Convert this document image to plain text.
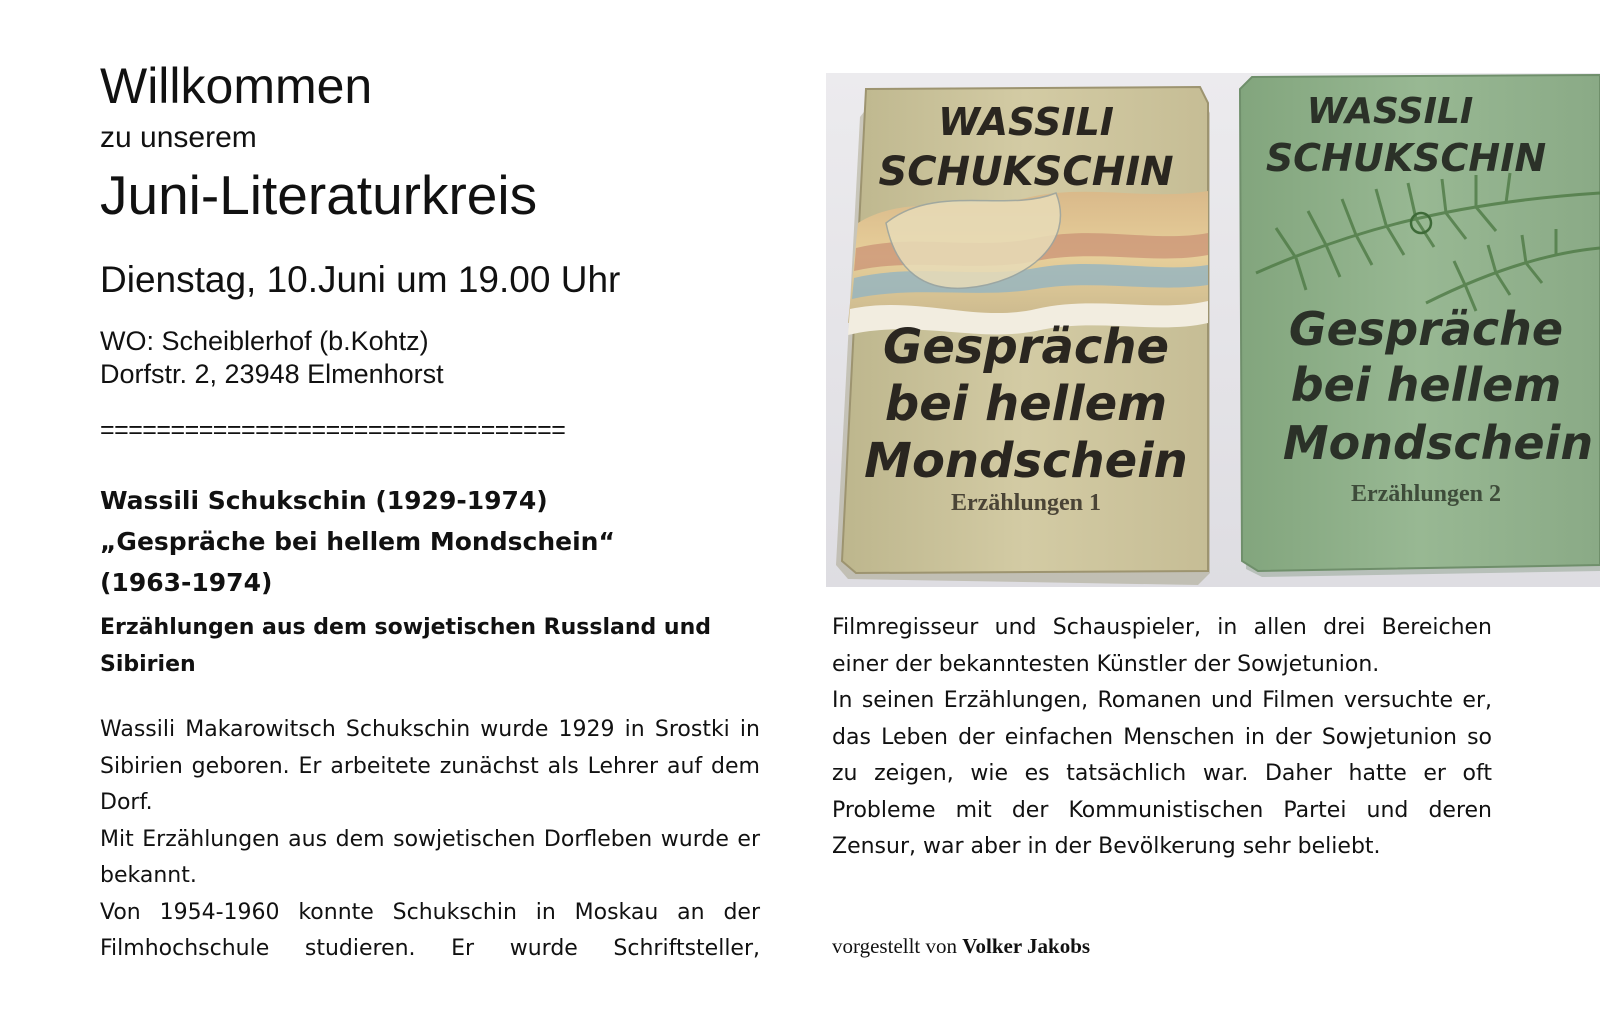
Willkommen
zu unserem
Juni-Literaturkreis
Dienstag, 10.Juni um 19.00 Uhr
WO: Scheiblerhof (b.Kohtz)
Dorfstr. 2, 23948 Elmenhorst
=================================
Wassili Schukschin (1929-1974)
„Gespräche bei hellem Mondschein“
(1963-1974)
Erzählungen aus dem sowjetischen Russland und Sibirien

Wassili Makarowitsch Schukschin wurde 1929 in Srostki in Sibirien geboren. Er arbeitete zunächst als Lehrer auf dem Dorf.

Mit Erzählungen aus dem sowjetischen Dorfleben wurde er bekannt.

Von 1954-1960 konnte Schukschin in Moskau an der Filmhochschule studieren. Er wurde Schriftsteller,

Filmregisseur und Schauspieler, in allen drei Bereichen einer der bekanntesten Künstler der Sowjetunion.

In seinen Erzählungen, Romanen und Filmen versuchte er, das Leben der einfachen Menschen in der Sowjetunion so zu zeigen, wie es tatsächlich war. Daher hatte er oft Probleme mit der Kommunistischen Partei und deren Zensur, war aber in der Bevölkerung sehr beliebt.

vorgestellt von Volker Jakobs
WASSILI
SCHUKSCHIN
Gespräche
bei hellem
Mondschein
Erzählungen 1
WASSILI
SCHUKSCHIN
Gespräche
bei hellem
Mondschein
Erzählungen 2
